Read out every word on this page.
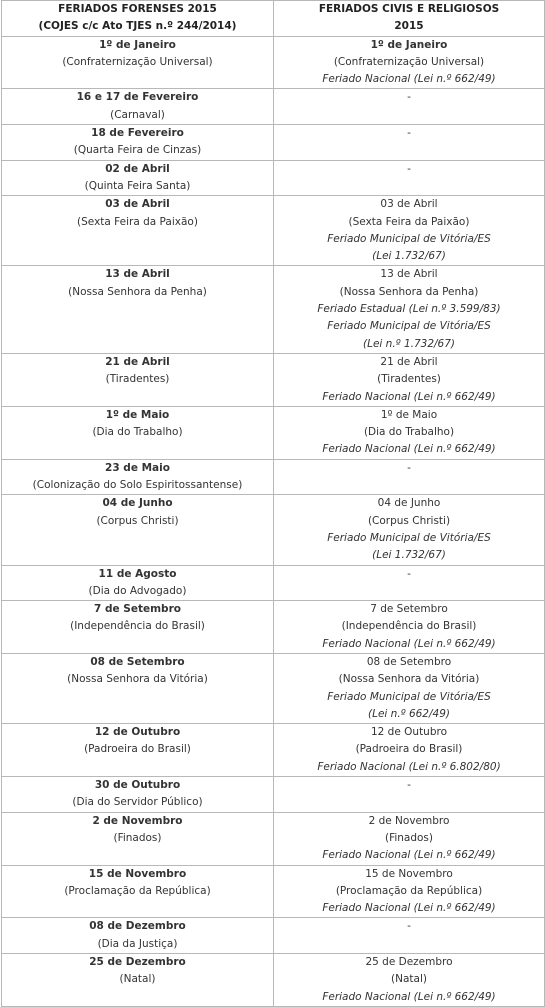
FERIADOS FORENSES 2015
(COJES c/c Ato TJES n.º 244/2014)	FERIADOS CIVIS E RELIGIOSOS
2015

1º de Janeiro
(Confraternização Universal)	1º de Janeiro
(Confraternização Universal)
Feriado Nacional (Lei n.º 662/49)

16 e 17 de Fevereiro
(Carnaval)	-

18 de Fevereiro
(Quarta Feira de Cinzas)	-

02 de Abril
(Quinta Feira Santa)	-

03 de Abril
(Sexta Feira da Paixão)	03 de Abril
(Sexta Feira da Paixão)
Feriado Municipal de Vitória/ES
(Lei 1.732/67)

13 de Abril
(Nossa Senhora da Penha)	13 de Abril
(Nossa Senhora da Penha)
Feriado Estadual (Lei n.º 3.599/83)
Feriado Municipal de Vitória/ES
(Lei n.º 1.732/67)

21 de Abril
(Tiradentes)	21 de Abril
(Tiradentes)
Feriado Nacional (Lei n.º 662/49)

1º de Maio
(Dia do Trabalho)	1º de Maio
(Dia do Trabalho)
Feriado Nacional (Lei n.º 662/49)

23 de Maio
(Colonização do Solo Espiritossantense)	-

04 de Junho
(Corpus Christi)	04 de Junho
(Corpus Christi)
Feriado Municipal de Vitória/ES
(Lei 1.732/67)

11 de Agosto
(Dia do Advogado)	-

7 de Setembro
(Independência do Brasil)	7 de Setembro
(Independência do Brasil)
Feriado Nacional (Lei n.º 662/49)

08 de Setembro
(Nossa Senhora da Vitória)	08 de Setembro
(Nossa Senhora da Vitória)
Feriado Municipal de Vitória/ES
(Lei n.º 662/49)

12 de Outubro
(Padroeira do Brasil)	12 de Outubro
(Padroeira do Brasil)
Feriado Nacional (Lei n.º 6.802/80)

30 de Outubro
(Dia do Servidor Público)	-

2 de Novembro
(Finados)	2 de Novembro
(Finados)
Feriado Nacional (Lei n.º 662/49)

15 de Novembro
(Proclamação da República)	15 de Novembro
(Proclamação da República)
Feriado Nacional (Lei n.º 662/49)

08 de Dezembro
(Dia da Justiça)	-

25 de Dezembro
(Natal)	25 de Dezembro
(Natal)
Feriado Nacional (Lei n.º 662/49)
